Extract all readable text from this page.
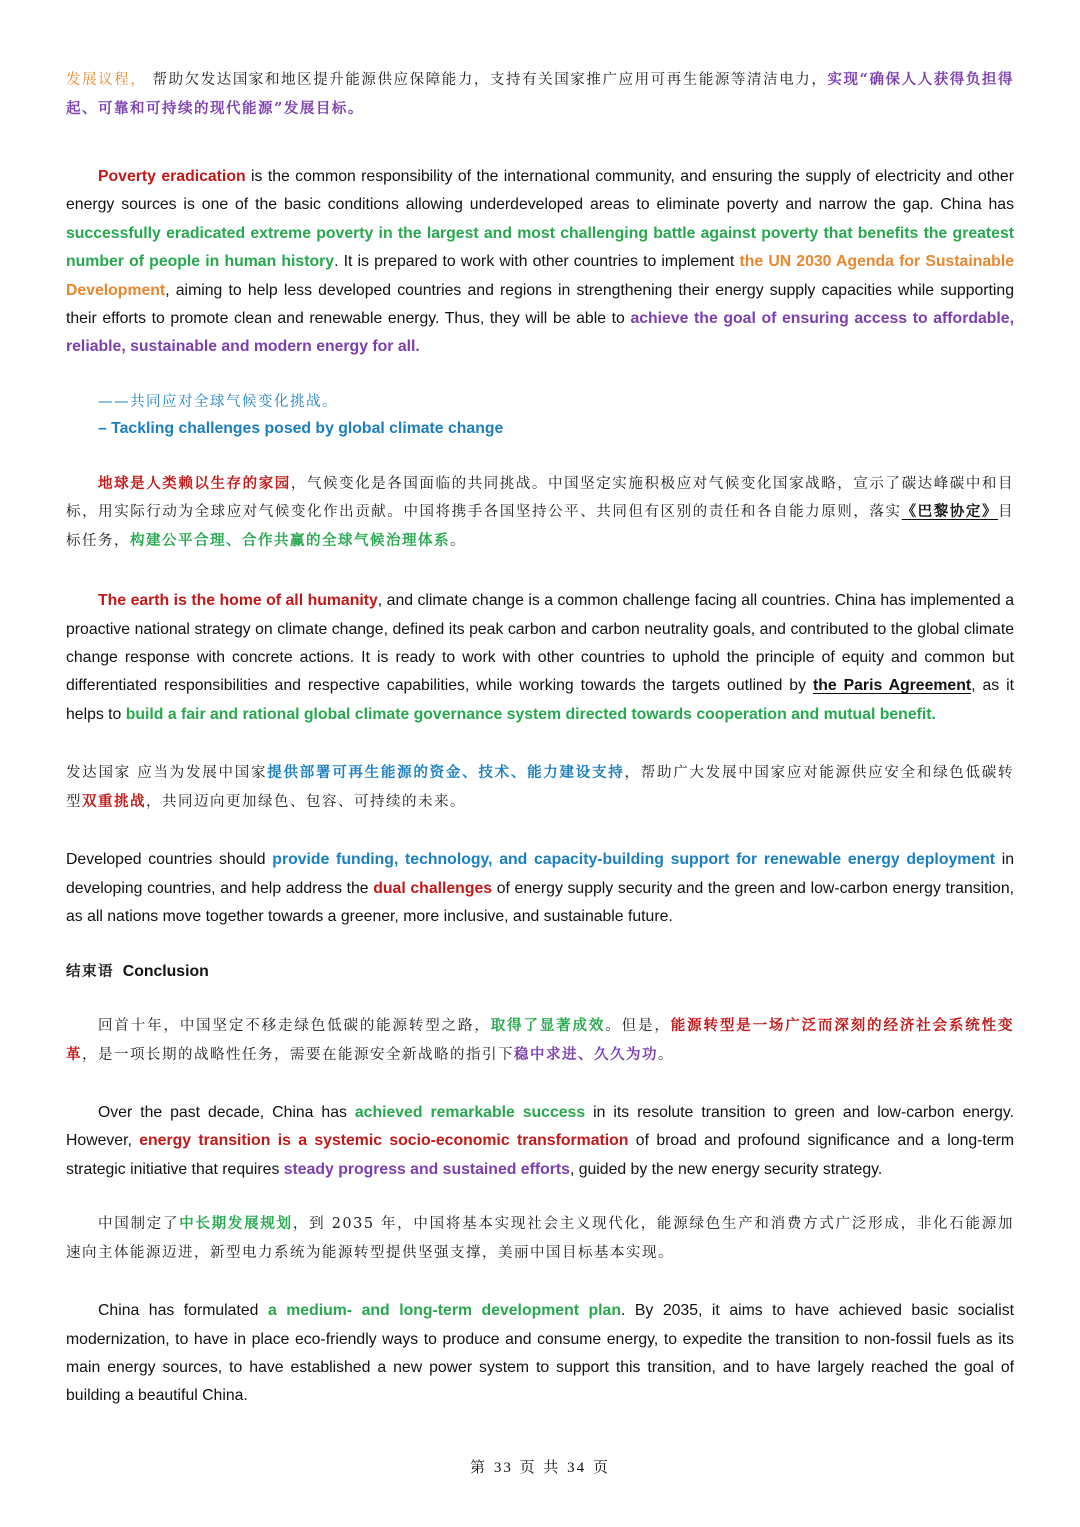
发展议程， 帮助欠发达国家和地区提升能源供应保障能力，支持有关国家推广应用可再生能源等清洁电力，实现“确保人人获得负担得起、可靠和可持续的现代能源”发展目标。

Poverty eradication is the common responsibility of the international community, and ensuring the supply of electricity and other energy sources is one of the basic conditions allowing underdeveloped areas to eliminate poverty and narrow the gap. China has successfully eradicated extreme poverty in the largest and most challenging battle against poverty that benefits the greatest number of people in human history. It is prepared to work with other countries to implement the UN 2030 Agenda for Sustainable Development, aiming to help less developed countries and regions in strengthening their energy supply capacities while supporting their efforts to promote clean and renewable energy. Thus, they will be able to achieve the goal of ensuring access to affordable, reliable, sustainable and modern energy for all.

——共同应对全球气候变化挑战。

– Tackling challenges posed by global climate change

地球是人类赖以生存的家园，气候变化是各国面临的共同挑战。中国坚定实施积极应对气候变化国家战略，宣示了碳达峰碳中和目标，用实际行动为全球应对气候变化作出贡献。中国将携手各国坚持公平、共同但有区别的责任和各自能力原则，落实《巴黎协定》目标任务，构建公平合理、合作共赢的全球气候治理体系。

The earth is the home of all humanity, and climate change is a common challenge facing all countries. China has implemented a proactive national strategy on climate change, defined its peak carbon and carbon neutrality goals, and contributed to the global climate change response with concrete actions. It is ready to work with other countries to uphold the principle of equity and common but differentiated responsibilities and respective capabilities, while working towards the targets outlined by the Paris Agreement, as it helps to build a fair and rational global climate governance system directed towards cooperation and mutual benefit.

发达国家 应当为发展中国家提供部署可再生能源的资金、技术、能力建设支持，帮助广大发展中国家应对能源供应安全和绿色低碳转型双重挑战，共同迈向更加绿色、包容、可持续的未来。

Developed countries should provide funding, technology, and capacity-building support for renewable energy deployment in developing countries, and help address the dual challenges of energy supply security and the green and low-carbon energy transition, as all nations move together towards a greener, more inclusive, and sustainable future.

结束语 Conclusion

回首十年，中国坚定不移走绿色低碳的能源转型之路，取得了显著成效。但是，能源转型是一场广泛而深刻的经济社会系统性变革，是一项长期的战略性任务，需要在能源安全新战略的指引下稳中求进、久久为功。

Over the past decade, China has achieved remarkable success in its resolute transition to green and low-carbon energy. However, energy transition is a systemic socio-economic transformation of broad and profound significance and a long-term strategic initiative that requires steady progress and sustained efforts, guided by the new energy security strategy.

中国制定了中长期发展规划，到 2035 年，中国将基本实现社会主义现代化，能源绿色生产和消费方式广泛形成，非化石能源加速向主体能源迈进，新型电力系统为能源转型提供坚强支撑，美丽中国目标基本实现。

China has formulated a medium- and long-term development plan. By 2035, it aims to have achieved basic socialist modernization, to have in place eco-friendly ways to produce and consume energy, to expedite the transition to non-fossil fuels as its main energy sources, to have established a new power system to support this transition, and to have largely reached the goal of building a beautiful China.

第 33 页 共 34 页
